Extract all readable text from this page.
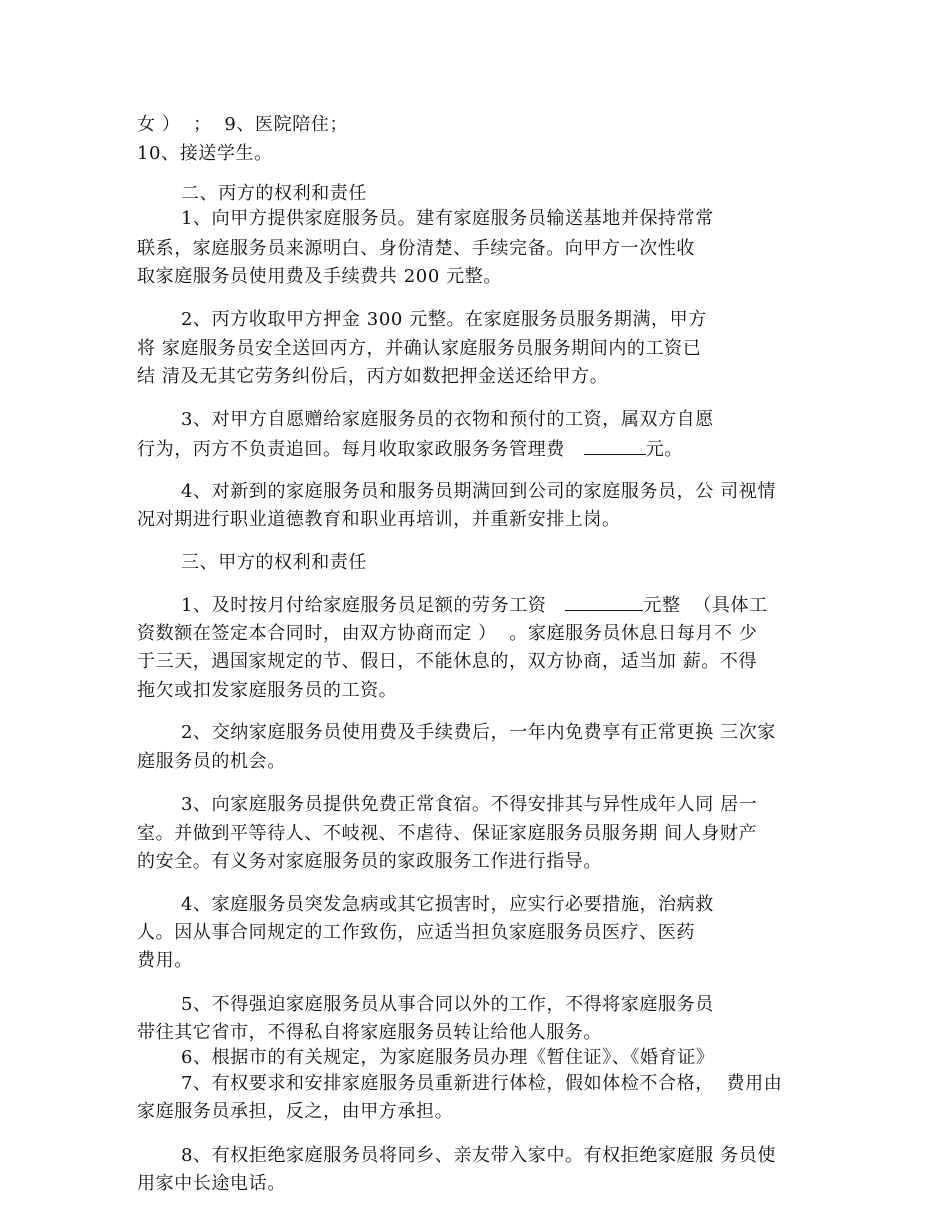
女 ）  ；  9、医院陪住；
10、接送学生。
二、丙方的权利和责任
1、向甲方提供家庭服务员。建有家庭服务员输送基地并保持常常
联系，家庭服务员来源明白、身份清楚、手续完备。向甲方一次性收
取家庭服务员使用费及手续费共 200 元整。
2、丙方收取甲方押金 300 元整。在家庭服务员服务期满，甲方
将 家庭服务员安全送回丙方，并确认家庭服务员服务期间内的工资已
结 清及无其它劳务纠份后，丙方如数把押金送还给甲方。
3、对甲方自愿赠给家庭服务员的衣物和预付的工资，属双方自愿
行为，丙方不负责追回。每月收取家政服务务管理费	元。
4、对新到的家庭服务员和服务员期满回到公司的家庭服务员，公 司视情
况对期进行职业道德教育和职业再培训，并重新安排上岗。
三、甲方的权利和责任
1、及时按月付给家庭服务员足额的劳务工资	元整  （具体工
资数额在签定本合同时，由双方协商而定 ）  。家庭服务员休息日每月不 少
于三天，遇国家规定的节、假日，不能休息的，双方协商，适当加 薪。不得
拖欠或扣发家庭服务员的工资。
2、交纳家庭服务员使用费及手续费后，一年内免费享有正常更换 三次家
庭服务员的机会。
3、向家庭服务员提供免费正常食宿。不得安排其与异性成年人同 居一
室。并做到平等待人、不岐视、不虐待、保证家庭服务员服务期 间人身财产
的安全。有义务对家庭服务员的家政服务工作进行指导。
4、家庭服务员突发急病或其它损害时，应实行必要措施，治病救
人。因从事合同规定的工作致伤，应适当担负家庭服务员医疗、医药
费用。
5、不得强迫家庭服务员从事合同以外的工作，不得将家庭服务员
带往其它省市，不得私自将家庭服务员转让给他人服务。
6、根据市的有关规定，为家庭服务员办理《暂住证》、《婚育证》
7、有权要求和安排家庭服务员重新进行体检，假如体检不合格，  费用由
家庭服务员承担，反之，由甲方承担。
8、有权拒绝家庭服务员将同乡、亲友带入家中。有权拒绝家庭服 务员使
用家中长途电话。
